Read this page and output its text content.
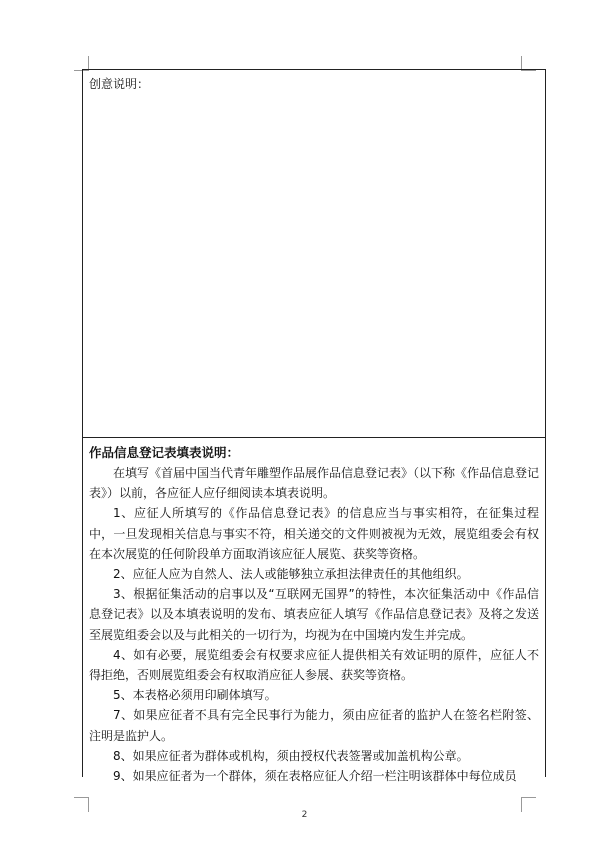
创意说明：
作品信息登记表填表说明：

在填写《首届中国当代青年雕塑作品展作品信息登记表》（以下称《作品信息登记表》）以前，各应征人应仔细阅读本填表说明。

1、应征人所填写的《作品信息登记表》的信息应当与事实相符，在征集过程中，一旦发现相关信息与事实不符，相关递交的文件则被视为无效，展览组委会有权在本次展览的任何阶段单方面取消该应征人展览、获奖等资格。

2、应征人应为自然人、法人或能够独立承担法律责任的其他组织。

3、根据征集活动的启事以及“互联网无国界”的特性，本次征集活动中《作品信息登记表》以及本填表说明的发布、填表应征人填写《作品信息登记表》及将之发送至展览组委会以及与此相关的一切行为，均视为在中国境内发生并完成。

4、如有必要，展览组委会有权要求应征人提供相关有效证明的原件，应征人不得拒绝，否则展览组委会有权取消应征人参展、获奖等资格。

5、本表格必须用印刷体填写。

7、如果应征者不具有完全民事行为能力，须由应征者的监护人在签名栏附签、注明是监护人。

8、如果应征者为群体或机构，须由授权代表签署或加盖机构公章。

9、如果应征者为一个群体，须在表格应征人介绍一栏注明该群体中每位成员

2
